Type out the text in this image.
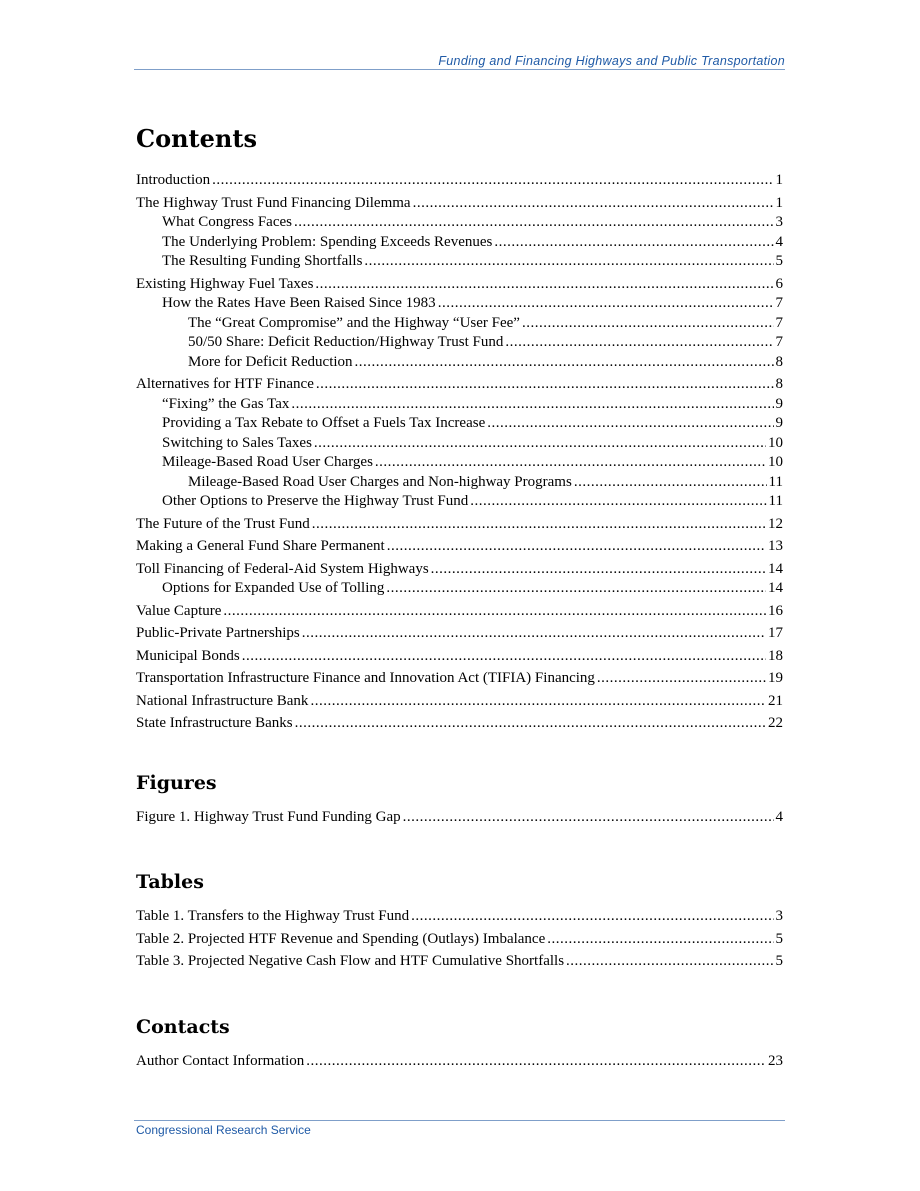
Funding and Financing Highways and Public Transportation
Contents
Introduction .....	1
The Highway Trust Fund Financing Dilemma .....	1
What Congress Faces .....	3
The Underlying Problem: Spending Exceeds Revenues .....	4
The Resulting Funding Shortfalls .....	5
Existing Highway Fuel Taxes .....	6
How the Rates Have Been Raised Since 1983 .....	7
The “Great Compromise” and the Highway “User Fee” .....	7
50/50 Share: Deficit Reduction/Highway Trust Fund .....	7
More for Deficit Reduction .....	8
Alternatives for HTF Finance .....	8
“Fixing” the Gas Tax .....	9
Providing a Tax Rebate to Offset a Fuels Tax Increase .....	9
Switching to Sales Taxes .....	10
Mileage-Based Road User Charges .....	10
Mileage-Based Road User Charges and Non-highway Programs .....	11
Other Options to Preserve the Highway Trust Fund .....	11
The Future of the Trust Fund .....	12
Making a General Fund Share Permanent .....	13
Toll Financing of Federal-Aid System Highways .....	14
Options for Expanded Use of Tolling .....	14
Value Capture .....	16
Public-Private Partnerships .....	17
Municipal Bonds .....	18
Transportation Infrastructure Finance and Innovation Act (TIFIA) Financing .....	19
National Infrastructure Bank .....	21
State Infrastructure Banks .....	22
Figures
Figure 1. Highway Trust Fund Funding Gap .....	4
Tables
Table 1. Transfers to the Highway Trust Fund .....	3
Table 2. Projected HTF Revenue and Spending (Outlays) Imbalance .....	5
Table 3. Projected Negative Cash Flow and HTF Cumulative Shortfalls .....	5
Contacts
Author Contact Information .....	23
Congressional Research Service
